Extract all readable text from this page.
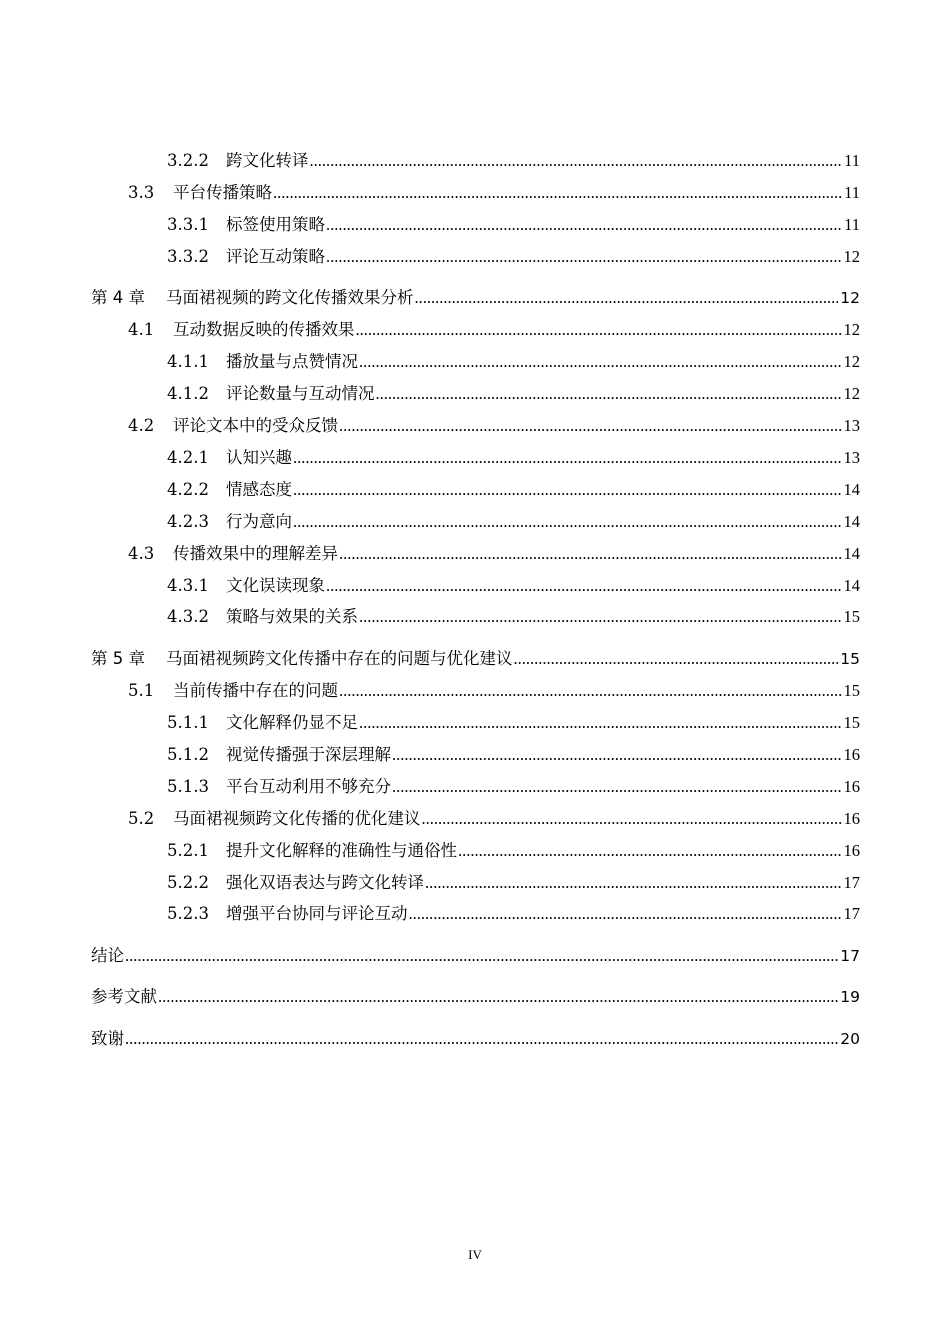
3.2.2	跨文化转译 .....	11
3.3	平台传播策略 .....	11
3.3.1	标签使用策略 .....	11
3.3.2	评论互动策略 .....	12
第 4 章	马面裙视频的跨文化传播效果分析 .....	12
4.1	互动数据反映的传播效果 .....	12
4.1.1	播放量与点赞情况 .....	12
4.1.2	评论数量与互动情况 .....	12
4.2	评论文本中的受众反馈 .....	13
4.2.1	认知兴趣 .....	13
4.2.2	情感态度 .....	14
4.2.3	行为意向 .....	14
4.3	传播效果中的理解差异 .....	14
4.3.1	文化误读现象 .....	14
4.3.2	策略与效果的关系 .....	15
第 5 章	马面裙视频跨文化传播中存在的问题与优化建议 .....	15
5.1	当前传播中存在的问题 .....	15
5.1.1	文化解释仍显不足 .....	15
5.1.2	视觉传播强于深层理解 .....	16
5.1.3	平台互动利用不够充分 .....	16
5.2	马面裙视频跨文化传播的优化建议 .....	16
5.2.1	提升文化解释的准确性与通俗性 .....	16
5.2.2	强化双语表达与跨文化转译 .....	17
5.2.3	增强平台协同与评论互动 .....	17
结论 .....	17
参考文献 .....	19
致谢 .....	20
IV
